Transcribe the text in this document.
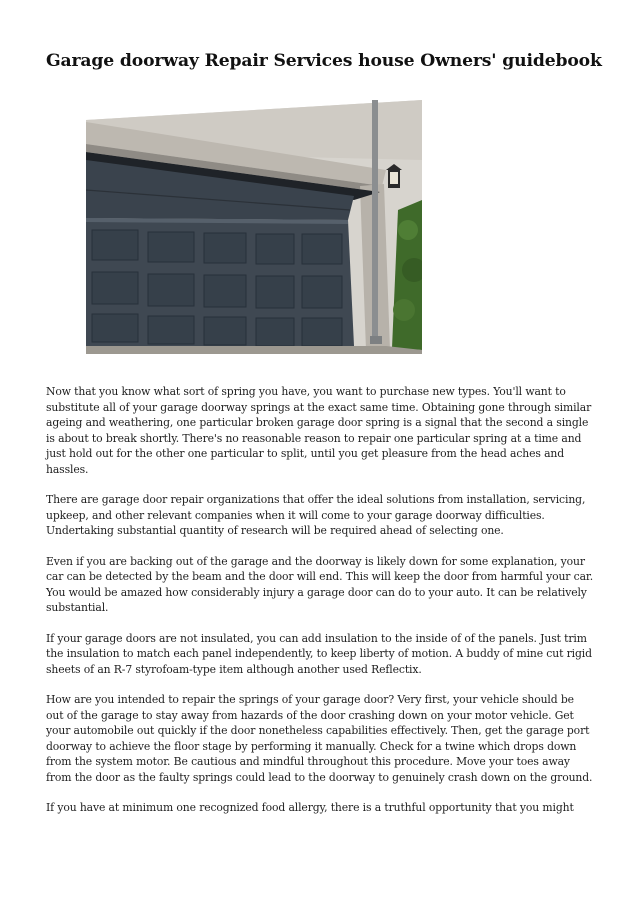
Garage doorway Repair Services house Owners' guidebook

Now that you know what sort of spring you have, you want to purchase new types. You'll want to substitute all of your garage doorway springs at the exact same time. Obtaining gone through similar ageing and weathering, one particular broken garage door spring is a signal that the second a single is about to break shortly. There's no reasonable reason to repair one particular spring at a time and just hold out for the other one particular to split, until you get pleasure from the head aches and hassles.

There are garage door repair organizations that offer the ideal solutions from installation, servicing, upkeep, and other relevant companies when it will come to your garage doorway difficulties. Undertaking substantial quantity of research will be required ahead of selecting one.

Even if you are backing out of the garage and the doorway is likely down for some explanation, your car can be detected by the beam and the door will end. This will keep the door from harmful your car. You would be amazed how considerably injury a garage door can do to your auto. It can be relatively substantial.

If your garage doors are not insulated, you can add insulation to the inside of of the panels. Just trim the insulation to match each panel independently, to keep liberty of motion. A buddy of mine cut rigid sheets of an R-7 styrofoam-type item although another used Reflectix.

How are you intended to repair the springs of your garage door? Very first, your vehicle should be out of the garage to stay away from hazards of the door crashing down on your motor vehicle. Get your automobile out quickly if the door nonetheless capabilities effectively. Then, get the garage port doorway to achieve the floor stage by performing it manually. Check for a twine which drops down from the system motor. Be cautious and mindful throughout this procedure. Move your toes away from the door as the faulty springs could lead to the doorway to genuinely crash down on the ground.

If you have at minimum one recognized food allergy, there is a truthful opportunity that you might
